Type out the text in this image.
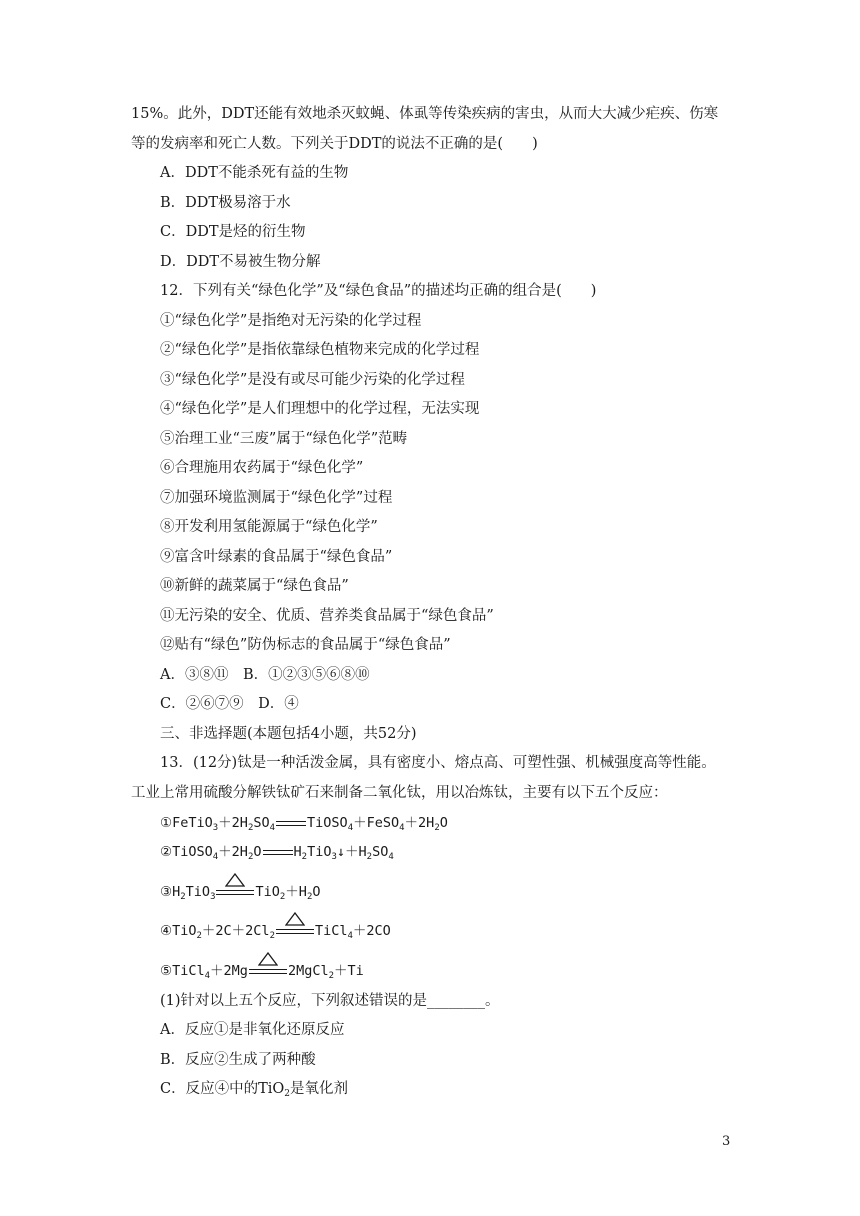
15%。此外，DDT还能有效地杀灭蚊蝇、体虱等传染疾病的害虫，从而大大减少疟疾、伤寒
等的发病率和死亡人数。下列关于DDT的说法不正确的是(　　)
A．DDT不能杀死有益的生物
B．DDT极易溶于水
C．DDT是烃的衍生物
D．DDT不易被生物分解
12．下列有关“绿色化学”及“绿色食品”的描述均正确的组合是(　　)
①“绿色化学”是指绝对无污染的化学过程
②“绿色化学”是指依靠绿色植物来完成的化学过程
③“绿色化学”是没有或尽可能少污染的化学过程
④“绿色化学”是人们理想中的化学过程，无法实现
⑤治理工业“三废”属于“绿色化学”范畴
⑥合理施用农药属于“绿色化学”
⑦加强环境监测属于“绿色化学”过程
⑧开发利用氢能源属于“绿色化学”
⑨富含叶绿素的食品属于“绿色食品”
⑩新鲜的蔬菜属于“绿色食品”
⑪无污染的安全、优质、营养类食品属于“绿色食品”
⑫贴有“绿色”防伪标志的食品属于“绿色食品”
A．③⑧⑪　B．①②③⑤⑥⑧⑩
C．②⑥⑦⑨　D．④
三、非选择题(本题包括4小题，共52分)
13．(12分)钛是一种活泼金属，具有密度小、熔点高、可塑性强、机械强度高等性能。
工业上常用硫酸分解铁钛矿石来制备二氧化钛，用以冶炼钛，主要有以下五个反应：
$①FeTiO_3+2H_2SO_4$ $TiOSO_4+FeSO_4+2H_2O$
$②TiOSO_4+2H_2O$ $H_2TiO_3↓+H_2SO_4$
$③H_2TiO_3$	$TiO_2+H_2O$
$④TiO_2+2C+2Cl_2$	TiCl$_4$＋2CO
⑤TiCl$_4$＋2Mg	2MgCl$_2$＋Ti
(1)针对以上五个反应，下列叙述错误的是________。
A．反应①是非氧化还原反应
B．反应②生成了两种酸
C．反应④中的TiO$_2$是氧化剂
3
